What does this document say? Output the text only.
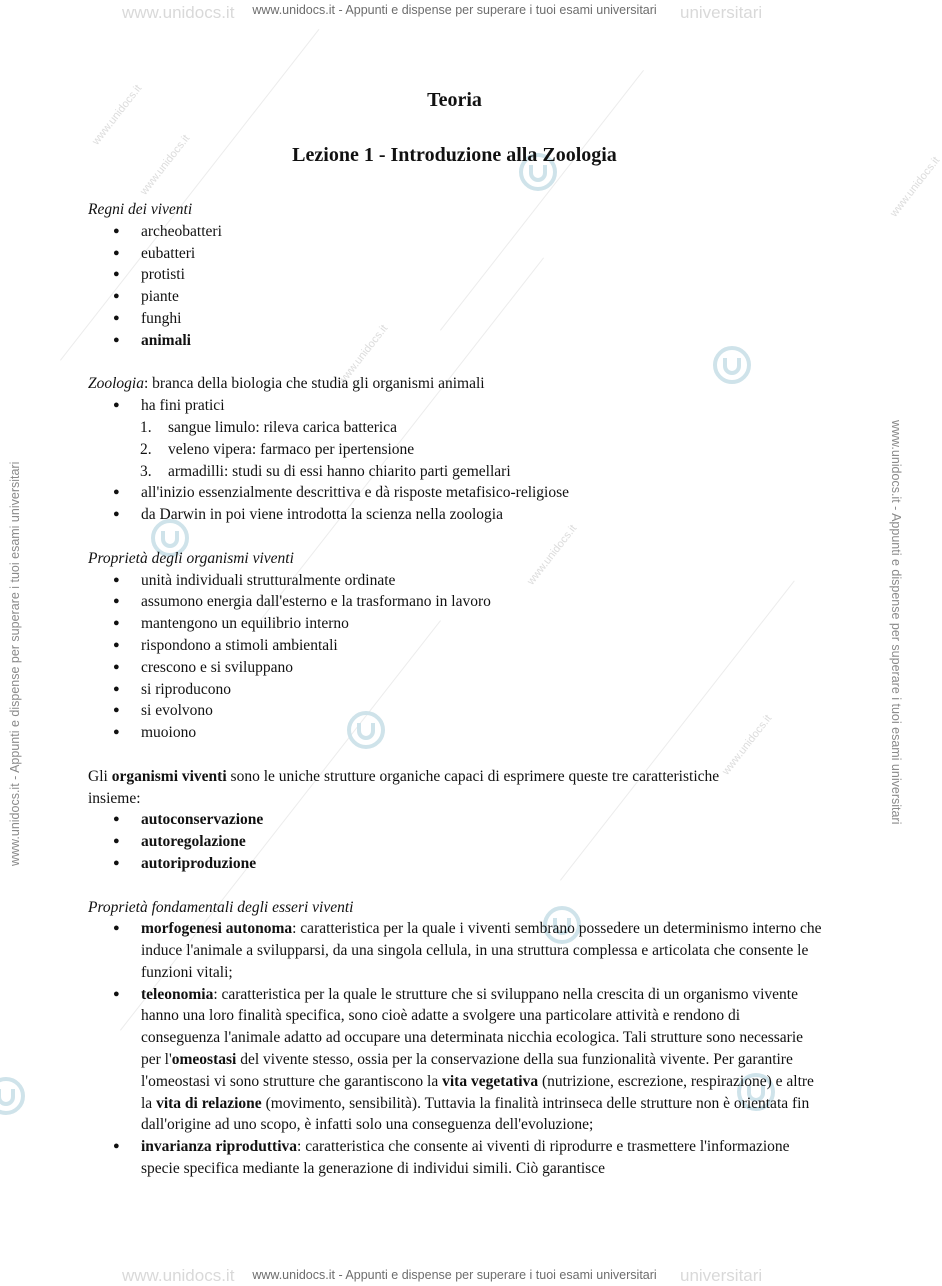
www.unidocs.it	universitari
www.unidocs.it	universitari
www.unidocs.it
www.unidocs.it
www.unidocs.it
www.unidocs.it
www.unidocs.it
www.unidocs.it
www.unidocs.it - Appunti e dispense per superare i tuoi esami universitari
www.unidocs.it - Appunti e dispense per superare i tuoi esami universitari
www.unidocs.it - Appunti e dispense per superare i tuoi esami universitari	www.unidocs.it - Appunti e dispense per superare i tuoi esami universitari
Teoria
Lezione 1 - Introduzione alla Zoologia

Regni dei viventi

● archeobatteri
● eubatteri
● protisti
● piante
● funghi
● animali

Zoologia: branca della biologia che studia gli organismi animali

● ha fini pratici
1. sangue limulo: rileva carica batterica
2. veleno vipera: farmaco per ipertensione
3. armadilli: studi su di essi hanno chiarito parti gemellari
● all'inizio essenzialmente descrittiva e dà risposte metafisico-religiose
● da Darwin in poi viene introdotta la scienza nella zoologia

Proprietà degli organismi viventi

● unità individuali strutturalmente ordinate
● assumono energia dall'esterno e la trasformano in lavoro
● mantengono un equilibrio interno
● rispondono a stimoli ambientali
● crescono e si sviluppano
● si riproducono
● si evolvono
● muoiono

Gli organismi viventi sono le uniche strutture organiche capaci di esprimere queste tre caratteristiche insieme:

● autoconservazione
● autoregolazione
● autoriproduzione

Proprietà fondamentali degli esseri viventi

● morfogenesi autonoma: caratteristica per la quale i viventi sembrano possedere un determinismo interno che induce l'animale a svilupparsi, da una singola cellula, in una struttura complessa e articolata che consente le funzioni vitali;
● teleonomia: caratteristica per la quale le strutture che si sviluppano nella crescita di un organismo vivente hanno una loro finalità specifica, sono cioè adatte a svolgere una particolare attività e rendono di conseguenza l'animale adatto ad occupare una determinata nicchia ecologica. Tali strutture sono necessarie per l'omeostasi del vivente stesso, ossia per la conservazione della sua funzionalità vivente. Per garantire l'omeostasi vi sono strutture che garantiscono la vita vegetativa (nutrizione, escrezione, respirazione) e altre la vita di relazione (movimento, sensibilità). Tuttavia la finalità intrinseca delle strutture non è orientata fin dall'origine ad uno scopo, è infatti solo una conseguenza dell'evoluzione;
● invarianza riproduttiva: caratteristica che consente ai viventi di riprodurre e trasmettere l'informazione specie specifica mediante la generazione di individui simili. Ciò garantisce
